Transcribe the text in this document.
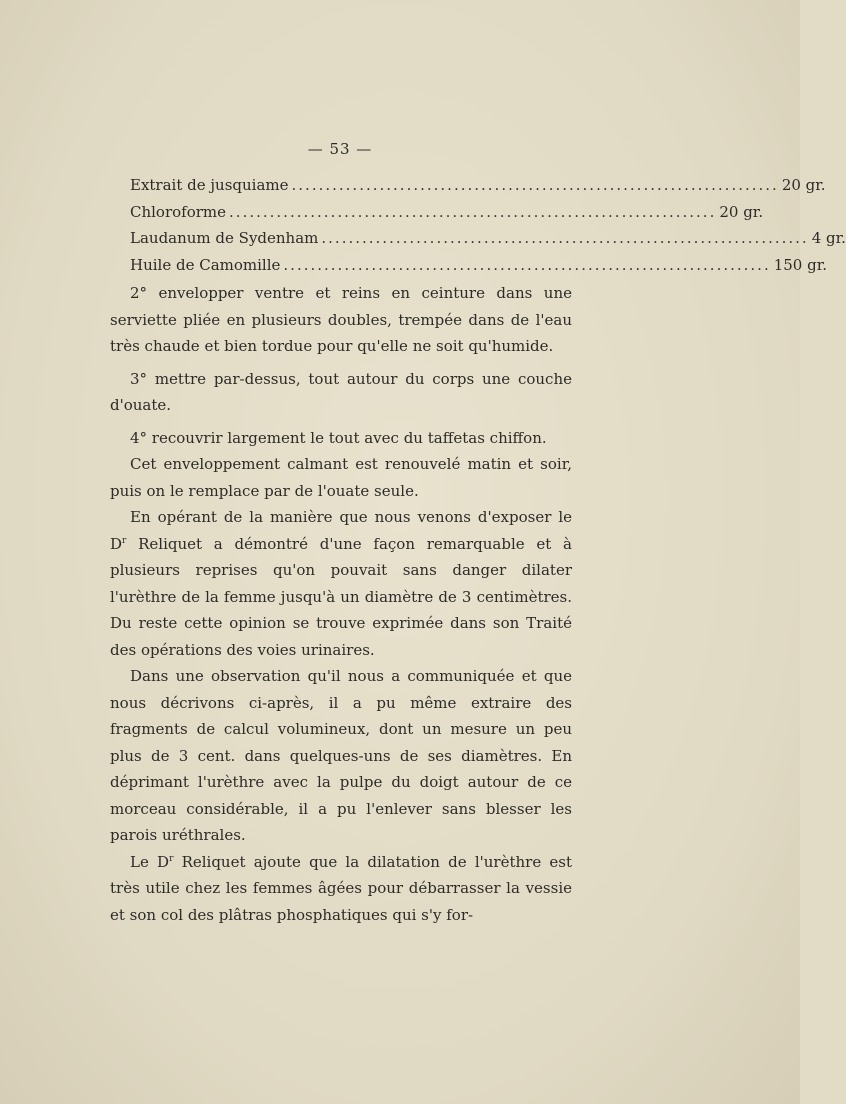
— 53 —
Extrait de jusquiame ........................................................................ 20 gr.
Chloroforme ........................................................................ 20 gr.
Laudanum de Sydenham ........................................................................ 4 gr.
Huile de Camomille ........................................................................ 150 gr.

2° envelopper ventre et reins en ceinture dans une serviette pliée en plusieurs doubles, trempée dans de l'eau très chaude et bien tordue pour qu'elle ne soit qu'humide.

3° mettre par-dessus, tout autour du corps une couche d'ouate.

4° recouvrir largement le tout avec du taffetas chiffon.

Cet enveloppement calmant est renouvelé matin et soir, puis on le remplace par de l'ouate seule.

En opérant de la manière que nous venons d'exposer le $D^r$ Reliquet a démontré d'une façon remarquable et à plusieurs reprises qu'on pouvait sans danger dilater l'urèthre de la femme jusqu'à un diamètre de 3 centimètres. Du reste cette opinion se trouve exprimée dans son Traité des opérations des voies urinaires.

Dans une observation qu'il nous a communiquée et que nous décrivons ci-après, il a pu même extraire des fragments de calcul volumineux, dont un mesure un peu plus de 3 cent. dans quelques-uns de ses diamètres. En déprimant l'urèthre avec la pulpe du doigt autour de ce morceau considérable, il a pu l'enlever sans blesser les parois uréthrales.

Le $D^r$ Reliquet ajoute que la dilatation de l'urèthre est très utile chez les femmes âgées pour débarrasser la vessie et son col des plâtras phosphatiques qui s'y for-
